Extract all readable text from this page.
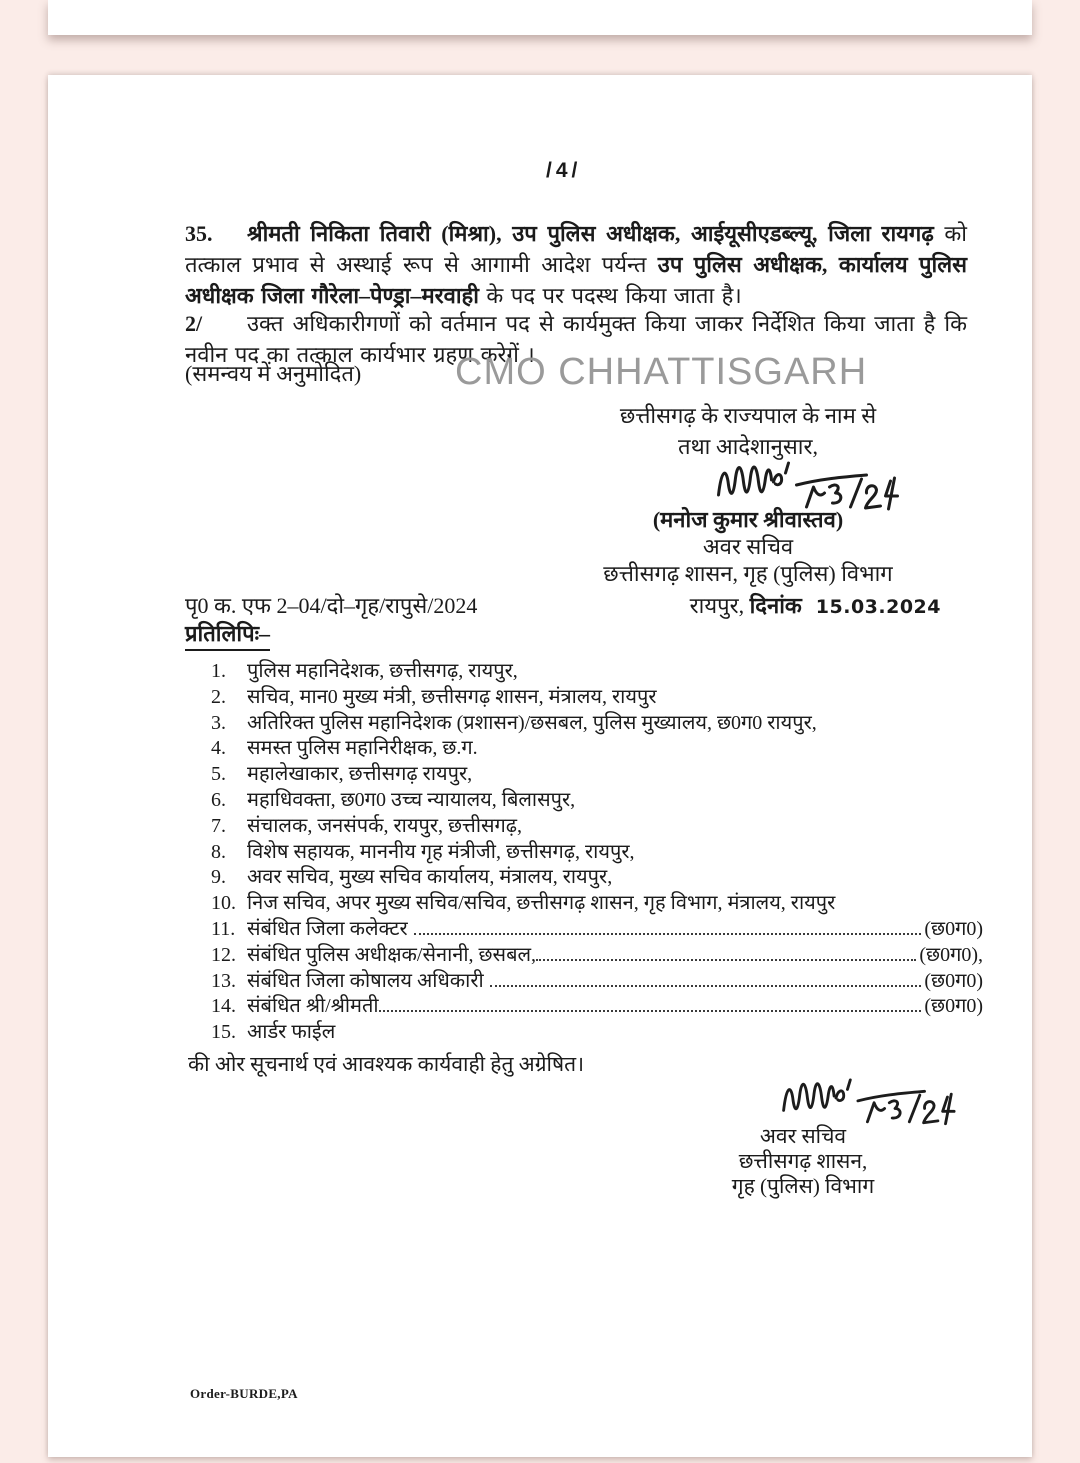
/4/
35. श्रीमती निकिता तिवारी (मिश्रा), उप पुलिस अधीक्षक, आईयूसीएडब्ल्यू, जिला रायगढ़ को तत्काल प्रभाव से अस्थाई रूप से आगामी आदेश पर्यन्त उप पुलिस अधीक्षक, कार्यालय पुलिस अधीक्षक जिला गौरेला–पेण्ड्रा–मरवाही के पद पर पदस्थ किया जाता है।
2/ उक्त अधिकारीगणों को वर्तमान पद से कार्यमुक्त किया जाकर निर्देशित किया जाता है कि नवीन पद का तत्काल कार्यभार ग्रहण करेगें ।
(समन्वय में अनुमोदित) CMO CHHATTISGARH
छत्तीसगढ़ के राज्यपाल के नाम से
तथा आदेशानुसार,
(मनोज कुमार श्रीवास्तव)
अवर सचिव
छत्तीसगढ़ शासन, गृह (पुलिस) विभाग
पृ0 क. एफ 2–04/दो–गृह/रापुसे/2024	रायपुर, दिनांक 15.03.2024
प्रतिलिपिः–
1.	पुलिस महानिदेशक, छत्तीसगढ़, रायपुर,
2.	सचिव, मान0 मुख्य मंत्री, छत्तीसगढ़ शासन, मंत्रालय, रायपुर
3.	अतिरिक्त पुलिस महानिदेशक (प्रशासन)/छसबल, पुलिस मुख्यालय, छ0ग0 रायपुर,
4.	समस्त पुलिस महानिरीक्षक, छ.ग.
5.	महालेखाकार, छत्तीसगढ़ रायपुर,
6.	महाधिवक्ता, छ0ग0 उच्च न्यायालय, बिलासपुर,
7.	संचालक, जनसंपर्क, रायपुर, छत्तीसगढ़,
8.	विशेष सहायक, माननीय गृह मंत्रीजी, छत्तीसगढ़, रायपुर,
9.	अवर सचिव, मुख्य सचिव कार्यालय, मंत्रालय, रायपुर,
10. निज सचिव, अपर मुख्य सचिव/सचिव, छत्तीसगढ़ शासन, गृह विभाग, मंत्रालय, रायपुर
11. संबंधित जिला कलेक्टर	(छ0ग0)
12. संबंधित पुलिस अधीक्षक/सेनानी, छसबल,	(छ0ग0),
13. संबंधित जिला कोषालय अधिकारी	(छ0ग0)
14. संबंधित श्री/श्रीमती	(छ0ग0)
15. आर्डर फाईल
की ओर सूचनार्थ एवं आवश्यक कार्यवाही हेतु अग्रेषित।
अवर सचिव
छत्तीसगढ़ शासन,
गृह (पुलिस) विभाग
Order-BURDE,PA
